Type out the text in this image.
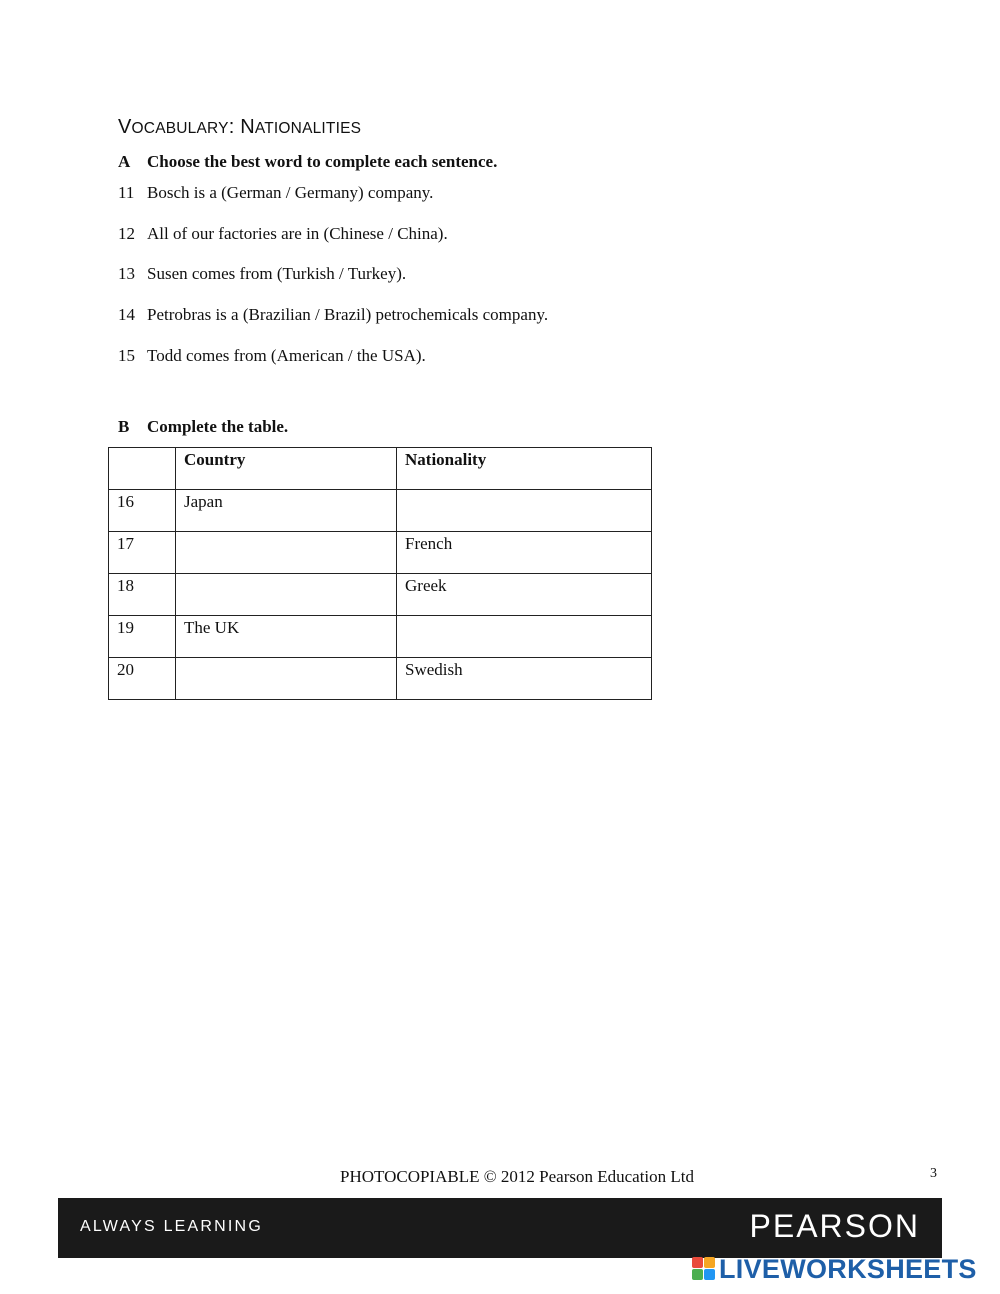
VOCABULARY: NATIONALITIES
A Choose the best word to complete each sentence.
11 Bosch is a (German / Germany) company.
12 All of our factories are in (Chinese / China).
13 Susen comes from (Turkish / Turkey).
14 Petrobras is a (Brazilian / Brazil) petrochemicals company.
15 Todd comes from (American / the USA).
B Complete the table.
	Country	Nationality
16	Japan	
17		French
18		Greek
19	The UK	
20		Swedish
PHOTOCOPIABLE © 2012 Pearson Education Ltd	3
ALWAYS LEARNING	PEARSON
LIVEWORKSHEETS
